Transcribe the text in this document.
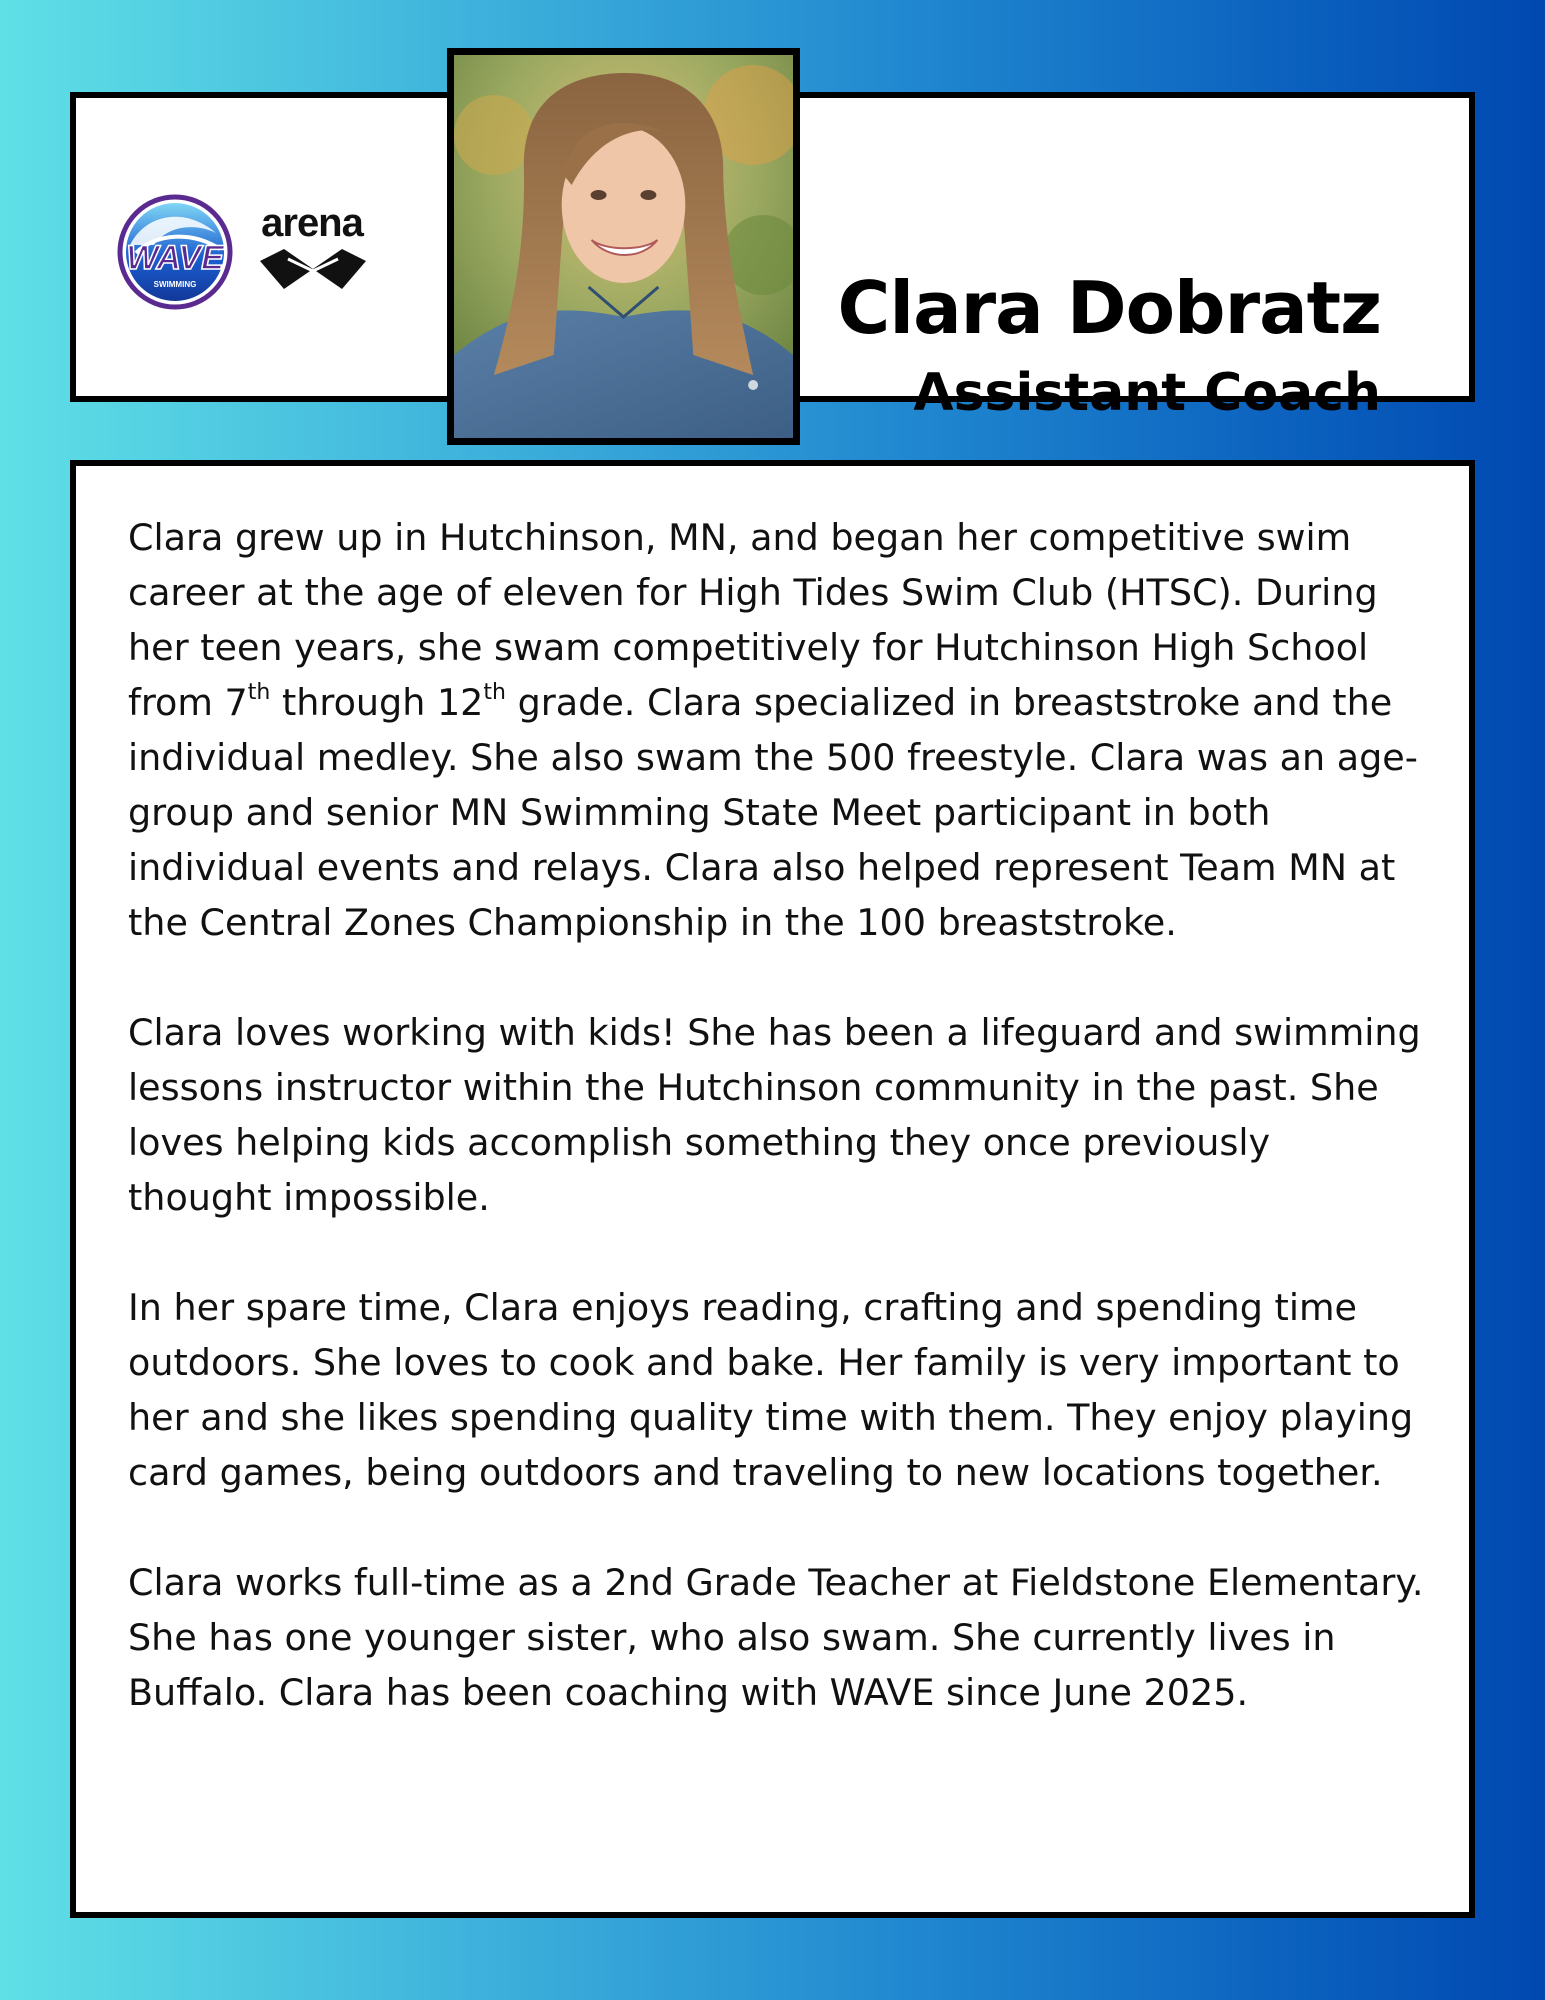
WAVE
SWIMMING
arena
Clara Dobratz
Assistant Coach

Clara grew up in Hutchinson, MN, and began her competitive swim career at the age of eleven for High Tides Swim Club (HTSC). During her teen years, she swam competitively for Hutchinson High School from 7th through 12th grade. Clara specialized in breaststroke and the individual medley. She also swam the 500 freestyle. Clara was an age-group and senior MN Swimming State Meet participant in both individual events and relays. Clara also helped represent Team MN at the Central Zones Championship in the 100 breaststroke.

Clara loves working with kids! She has been a lifeguard and swimming lessons instructor within the Hutchinson community in the past. She loves helping kids accomplish something they once previously thought impossible.

In her spare time, Clara enjoys reading, crafting and spending time outdoors. She loves to cook and bake. Her family is very important to her and she likes spending quality time with them. They enjoy playing card games, being outdoors and traveling to new locations together.

Clara works full-time as a 2nd Grade Teacher at Fieldstone Elementary. She has one younger sister, who also swam. She currently lives in Buffalo. Clara has been coaching with WAVE since June 2025.
